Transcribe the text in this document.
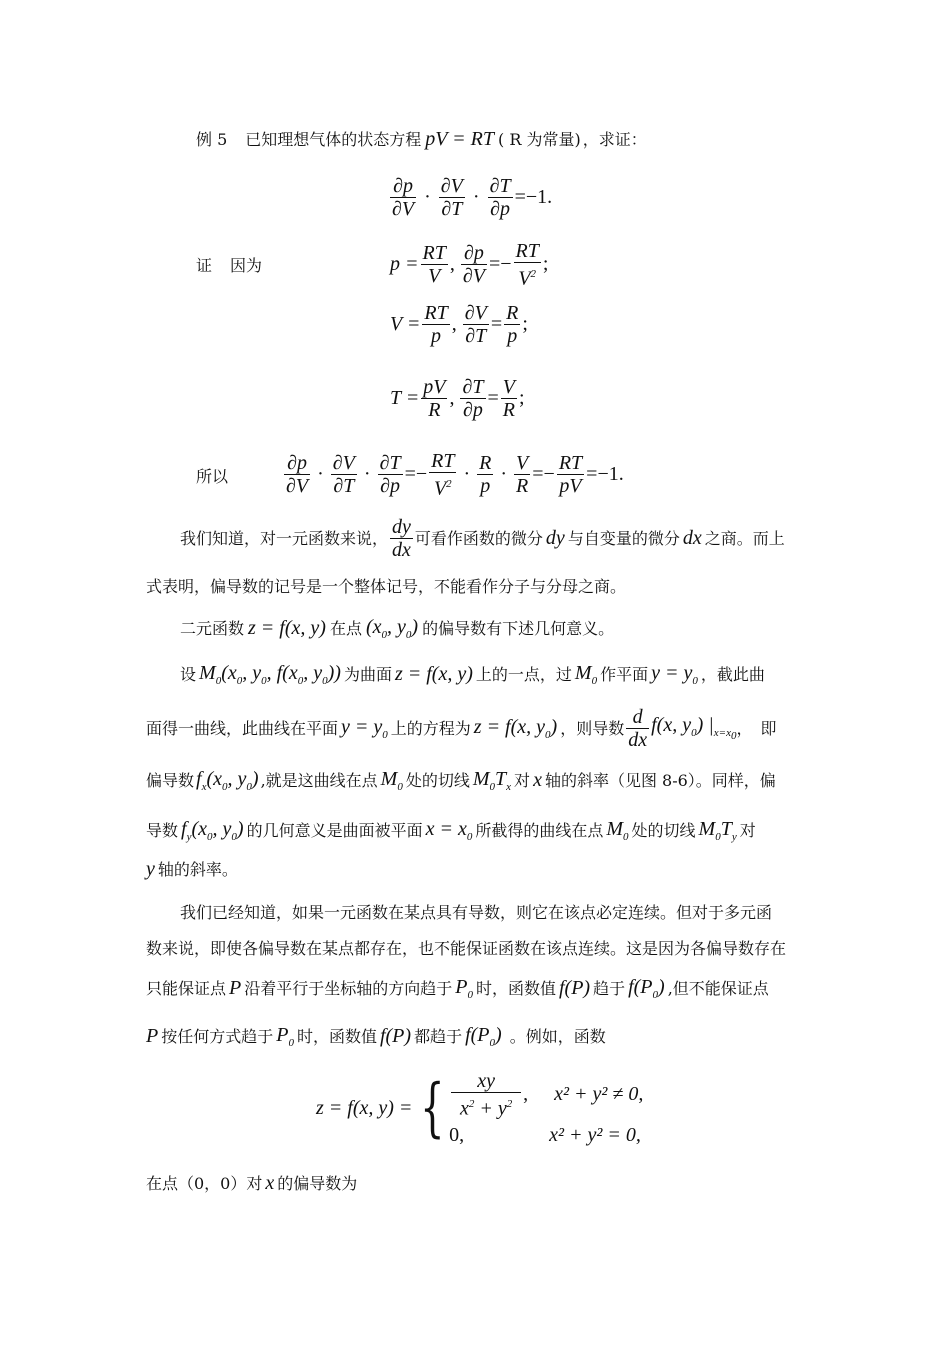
例 5 已知理想气体的状态方程 pV = RT ( R 为常量) ，求证：
$\frac{\partial p}{\partial V} \cdot \frac{\partial V}{\partial T} \cdot \frac{\partial T}{\partial p} =-1$.
证 因为	$p = \frac{RT}{V}$ , $\frac{\partial p}{\partial V} =- \frac{RT}{V^2}$ ;
$V = \frac{RT}{p}$ , $\frac{\partial V}{\partial T} = \frac{R}{p}$ ;
$T = \frac{pV}{R}$ , $\frac{\partial T}{\partial p} = \frac{V}{R}$ ;
所以	$\frac{\partial p}{\partial V} \cdot \frac{\partial V}{\partial T} \cdot \frac{\partial T}{\partial p} =- \frac{RT}{V^2} \cdot \frac{R}{p} \cdot \frac{V}{R} =- \frac{RT}{pV} =-1$.
我们知道，对一元函数来说， $\frac{dy}{dx}$ 可看作函数的微分 dy 与自变量的微分 dx 之商。而上
式表明，偏导数的记号是一个整体记号，不能看作分子与分母之商。
二元函数 z = f(x, y) 在点 ($x_0$, $y_0$) 的偏导数有下述几何意义。
设 $M_0(x_0$, $y_0$, $f(x_0$, $y_0$)) 为曲面 z = f(x, y) 上的一点，过 $M_0$ 作平面 $y = y_0$ ，截此曲
面得一曲线，此曲线在平面 $y = y_0$ 上的方程为 z = f(x, $y_0$) ，则导数 $\frac{d}{dx} f(x$, $y_0$) $|_{x=x_0}$ ，　即
偏导数 $f_x(x_0$, $y_0$) ,就是这曲线在点 $M_0$ 处的切线 $M_0T_x$ 对 x 轴的斜率（见图 8-6）。同样，偏
导数 $f_y(x_0$, $y_0$) 的几何意义是曲面被平面 $x = x_0$ 所截得的曲线在点 $M_0$ 处的切线 $M_0T_y$ 对
y 轴的斜率。
我们已经知道，如果一元函数在某点具有导数，则它在该点必定连续。但对于多元函
数来说，即使各偏导数在某点都存在，也不能保证函数在该点连续。这是因为各偏导数存在
只能保证点 P 沿着平行于坐标轴的方向趋于 $P_0$ 时，函数值 f(P) 趋于 $f(P_0)$ ,但不能保证点
P 按任何方式趋于 $P_0$ 时，函数值 f(P) 都趋于 $f(P_0)$ 。例如，函数
z = f(x, y) = { $\frac{xy}{x^2 + y^2}$ , x² + y² ≠ 0,
0,	x² + y² = 0,
在点（0，0）对 x 的偏导数为
